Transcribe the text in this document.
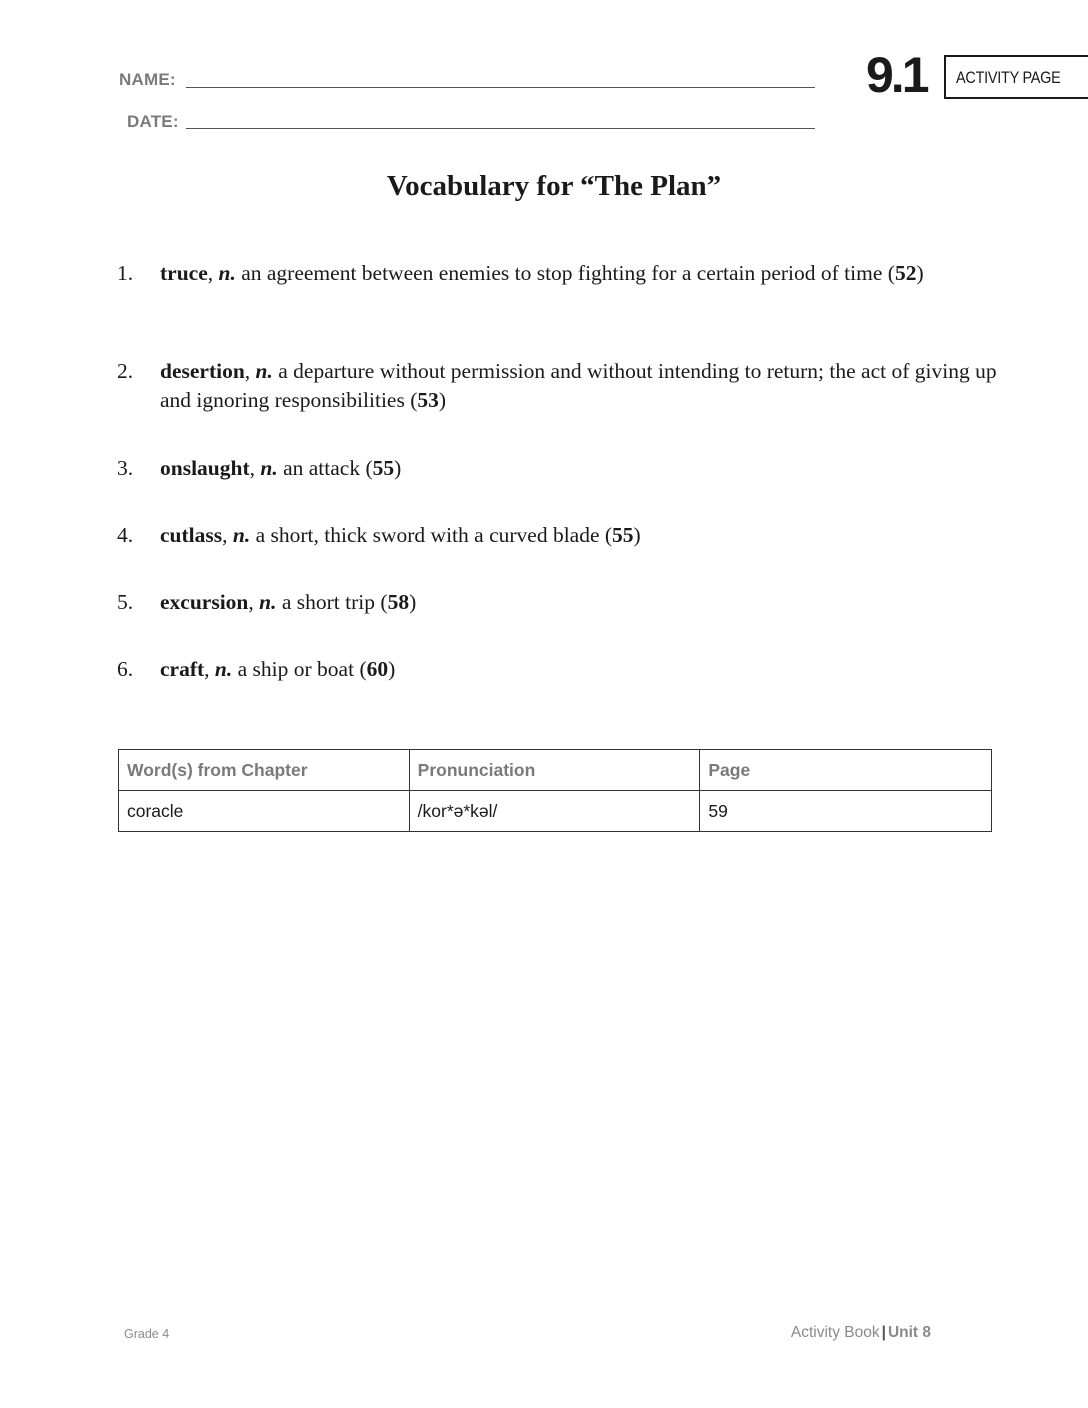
NAME:
DATE:
9.1 ACTIVITY PAGE
Vocabulary for “The Plan”
1.	truce, n. an agreement between enemies to stop fighting for a certain period of time (52)
2.	desertion, n. a departure without permission and without intending to return; the act of giving up and ignoring responsibilities (53)
3.	onslaught, n. an attack (55)
4.	cutlass, n. a short, thick sword with a curved blade (55)
5.	excursion, n. a short trip (58)
6.	craft, n. a ship or boat (60)
Word(s) from Chapter	Pronunciation	Page
coracle	/kor*ə*kəl/	59
Grade 4	Activity Book | Unit 8
